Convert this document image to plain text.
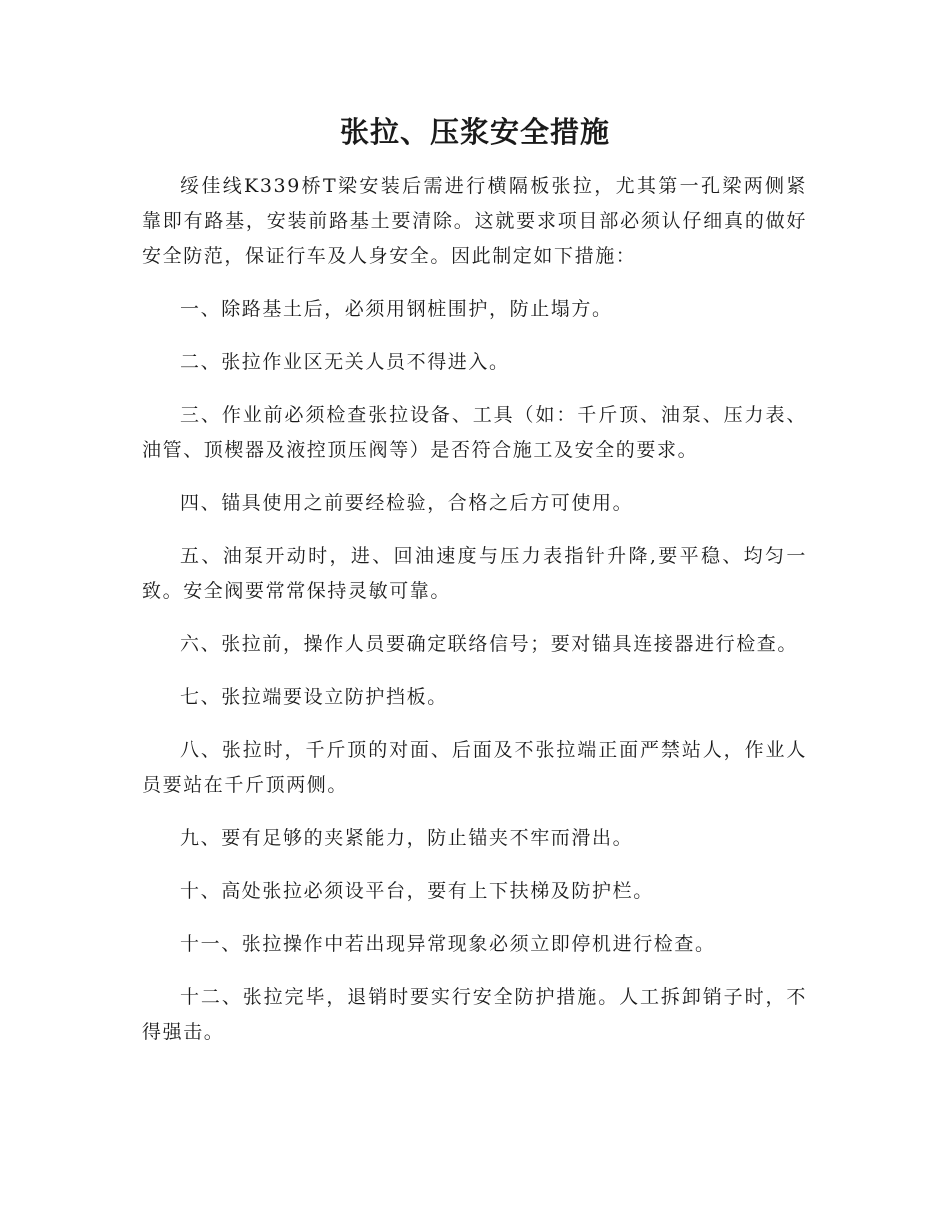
张拉、压浆安全措施

绥佳线K339桥T梁安装后需进行横隔板张拉，尤其第一孔梁两侧紧靠即有路基，安装前路基土要清除。这就要求项目部必须认仔细真的做好安全防范，保证行车及人身安全。因此制定如下措施：

一、除路基土后，必须用钢桩围护，防止塌方。

二、张拉作业区无关人员不得进入。

三、作业前必须检查张拉设备、工具（如：千斤顶、油泵、压力表、油管、顶楔器及液控顶压阀等）是否符合施工及安全的要求。

四、锚具使用之前要经检验，合格之后方可使用。

五、油泵开动时，进、回油速度与压力表指针升降,要平稳、均匀一致。安全阀要常常保持灵敏可靠。

六、张拉前，操作人员要确定联络信号；要对锚具连接器进行检查。

七、张拉端要设立防护挡板。

八、张拉时，千斤顶的对面、后面及不张拉端正面严禁站人，作业人员要站在千斤顶两侧。

九、要有足够的夹紧能力，防止锚夹不牢而滑出。

十、高处张拉必须设平台，要有上下扶梯及防护栏。

十一、张拉操作中若出现异常现象必须立即停机进行检查。

十二、张拉完毕，退销时要实行安全防护措施。人工拆卸销子时，不得强击。
